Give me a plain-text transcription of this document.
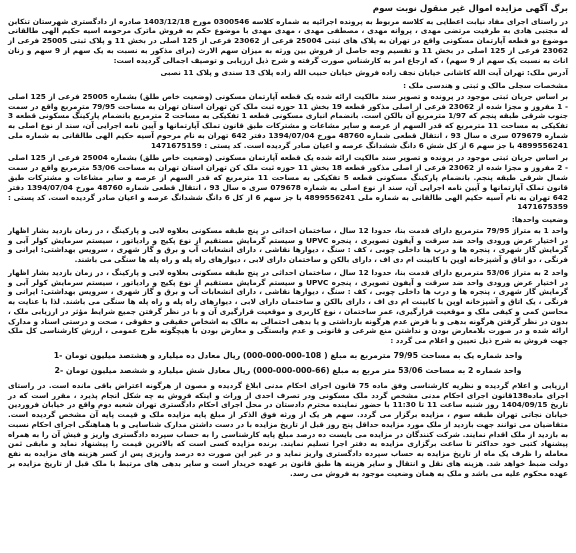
برگ آگهی مزایده اموال غیر منقول نوبت سوم
در راستای اجرای مفاد نیابت اعطایی به کلاسه مربوط به پرونده اجرائیه به شماره کلاسه 0300546 مورخ 1403/12/18 صادره از دادگستری شهرستان تنکابن له مجتبی هادی به طرفیت مرتضی مهدی ، پروانه مهدی ، مصطفی مهدی ، مهدی مهدی با موضوع حکم به فروش ماترک مرحومه اسیه حکیم الهی طالقانی موضوع دو قطعه آپارتمان مسکونی واقع در تهران به پلاک های ثبتی 25004 فرعی از 23062 فرعی از 125 اصلی در بخش 11 و پلاک ثبتی 25005 فرعی از 23062 فرعی از 125 اصلی در بخش 11 و تقسیم وجه حاصل از فروش بین ورثه به میزان سهم الارث (برای مذکور به نسبت به یک سهم از 9 سهم و زنان اناث به نسبت یک سهم از 9 سهم) ، که ارجاع امر به کارشناس صورت گرفته و شرح ذیل ارزیابی و توصیف اجمالی گردیده است:
آدرس ملک: تهران آیت الله کاشانی خیابان نجف زاده فروش خیابان حبیب الله زاده پلاک 13 سندی و پلاک 11 نصبی
مشخصات سجلی مالک و ثبتی و هندسی ملک :
بر اساس جریان ثبتی موجود در پرونده و تصویر سند مالکیت ارائه شده یک قطعه آپارتمان مسکونی (وضعیت خاص طلق) بشماره 25005 فرعی از 125 اصلی - 1 مفروز و مجزا شده از 23062 فرعی از اصلی مذکور قطعه 19 بخش 11 حوزه ثبت ملک کن تهران استان تهران به مساحت 79/95 مترمربع واقع در سمت جنوب شرقی طبقه پنجم که 1/97 مترمربع آن بالکن است. بانضمام انباری مسکونی قطعه 1 تفکیکی به مساحت 2 مترمربع بانضمام پارکینگ مسکونی قطعه 3 تفکیکی به مساحت 11 مترمربع که قدر السهم از عرصه و سایر مشاعات و مشترکات طبق قانون تملک آپارتمانها و آیین نامه اجرایی آن، سند از نوع اصلی به شماره 079679 سری ه سال 93 ، انتقال قطعی شماره 48760 مورخ 1394/07/04 دفتر 642 تهران به نام مرحوم آسیه حکیم الهی طالقانی به شماره ملی 4899556241 با جز سهم 6 از کل شش 6 دانگ ششدانگ عرصه و اعیان صادر گردیده است. کد پستی : 1471675159
بر اساس جریان ثبتی موجود در پرونده و تصویر سند مالکیت ارائه شده یک قطعه آپارتمان مسکونی (وضعیت خاص طلق) بشماره 25004 فرعی از 125 اصلی - 2 مفروز و مجزا شده از 23062 فرعی از اصلی مذکور قطعه 18 بخش 11 حوزه ثبت ملک کن تهران استان تهران به مساحت 53/06 مترمربع واقع در سمت شمال شرقی طبقه پنجم. بانضمام پارکینگ مسکونی قطعه 5 تفکیکی به مساحت 11 مترمربع که قدر السهم از عرصه و سایر مشاعات و مشترکات طبق قانون تملک آپارتمانها و آیین نامه اجرایی آن، سند از نوع اصلی به شماره 079678 سری ه سال 93 ، انتقال قطعی شماره 48760 مورخ 1394/07/04 دفتر 642 تهران به نام آسیه حکیم الهی طالقانی به شماره ملی 4899556241 با جز سهم 6 از کل 6 دانگ ششدانگ عرصه و اعیان صادر گردیده است. کد پستی : 1471675359
وضعیت واحدها:
واحد 1 به متراژ 79/95 مترمربع دارای قدمت بنا، حدودا 12 سال ، ساختمان احداثی در پنج طبقه مسکونی بعلاوه لابی و پارکینگ ، در زمان بازدید بشار اظهار در اختیار عرض ورودی واحد ضد سرقت و آیفون تصویری ، پنجره UPVC و سیستم گرمایش مستقیم از نوع پکیج و رادیاتور ، سیستم سرمایش کولر آبی و گرمایش گاز شهری ، پنجره ها و درب ها داخلی چوبی ، کف : سنگ ، دیوارها نقاشی ، دارای انشعابات آب و برق و گاز شهری ، سرویس بهداشتی: ایرانی و فرنگی ، دو اتاق و آشپزخانه اوپن با کابینت ام دی اف ، دارای بالکن و ساختمان دارای لابی ، دیوارهای راه پله و راه پله ها سنگی می باشند.
واحد 2 به متراژ 53/06 مترمربع دارای قدمت بنا، حدودا 12 سال ، ساختمان احداثی در پنج طبقه مسکونی بعلاوه لابی و پارکینگ ، در زمان بازدید بشار اظهار در اختیار عرض ورودی واحد ضد سرقت و آیفون تصویری ، پنجره UPVC و سیستم گرمایش مستقیم از نوع پکیج و رادیاتور ، سیستم سرمایش کولر آبی و گرمایش گاز شهری ، پنجره ها و درب ها داخلی چوبی ، کف : سنگ ، دیوارها نقاشی ، دارای انشعابات آب و برق و گاز شهری ، سرویس بهداشتی: ایرانی و فرنگی ، یک اتاق و آشپزخانه اوپن با کابینت ام دی اف ، دارای بالکن و ساختمان دارای لابی ، دیوارهای راه پله و راه پله ها سنگی می باشند. لذا با عنایت به محاسن کمی و کیفی ملک و موقعیت قرارگیری، عمر ساختمان ، نوع کاربری و موقعیت قرارگیری آن و با در نظر گرفتن جمیع شرایط مؤثر در ارزیابی ملک ، بدون در نظر گرفتن هرگونه بدهی و با فرض عدم هرگونه بازداشتی و یا بدهی احتمالی به مالک به اشخاص حقیقی و حقوقی ، صحت و درستی اسناد و مدارک ارائه شده و در صورت بلامعارض بودن و نداشتن منع شرعی و قانونی و عدم وابستگی و معارض بودن با هیچگونه طرح عمومی ، ارزش کارشناسی کل ملک جهت فروش به شرح ذیل تعیین و اعلام می گردد :
واحد شماره یک به مساحت 79/95 مترمربع به مبلغ ( 108-000-000-000) ریال معادل ده میلیارد و هشتصد میلیون تومان -1
واحد شماره 2 به مساحت 53/06 متر مربع به مبلغ (66-000-000-000) ریال معادل شش میلیارد و ششصد میلیون تومان -2
ارزیابی و اعلام گردیده و نظریه کارشناسی وفق ماده 75 قانون اجرای احکام مدنی ابلاغ گردیده و مصون از هرگونه اعتراض باقی مانده است. در راستای اجرای ماده138قانون اجرای احکام مدنی مشخص گردد ملک مسکونی ودر تصرف احدی از وراث و اینکه فروش به چه شکل انجام پذیرد ، مقرر است که در تاریخ 1404/09/15 روز شنبه ساعت 11 تا 11:30 با حضور نماینده محترم دادستان در محل اجرای احکام دادگستری تهران شعبه دوم واقع در خیابان فروردین خیابان نجاتی تهران طبقه سوم ، مزایده برگزار می گردد. سهم هر یک از ورثه فوق الذکر از مبلغ پایه مزایده ملک و قیمت پایه آن مشخص گردیده است. متقاضیان می توانند جهت بازدید از ملک مورد مزایده حداقل پنج روز قبل از تاریخ مزایده با در دست داشتن مدارک شناسایی و با هماهنگی اجرای احکام نسبت به بازدید از ملک اقدام نمایند. شرکت کنندگان در مزایده می بایست ده درصد مبلغ پایه کارشناسی را به حساب سپرده دادگستری واریز و فیش آن را به همراه پیشنهاد کتبی خود حداکثر تا ساعت برگزاری مزایده به دفتر اجرا تسلیم نمایند. برنده مزایده کسی است که بالاترین قیمت را پیشنهاد نماید و مابقی ثمن معامله را ظرف یک ماه از تاریخ مزایده به حساب سپرده دادگستری واریز نماید و در غیر این صورت ده درصد واریزی پس از کسر هزینه های مزایده به نفع دولت ضبط خواهد شد. هزینه های نقل و انتقال و سایر هزینه ها طبق قانون بر عهده خریدار است و سایر بدهی های مرتبط با ملک قبل از تاریخ مزایده بر عهده محکوم علیه می باشد و ملک به همان وضعیت موجود به فروش می رسد.
